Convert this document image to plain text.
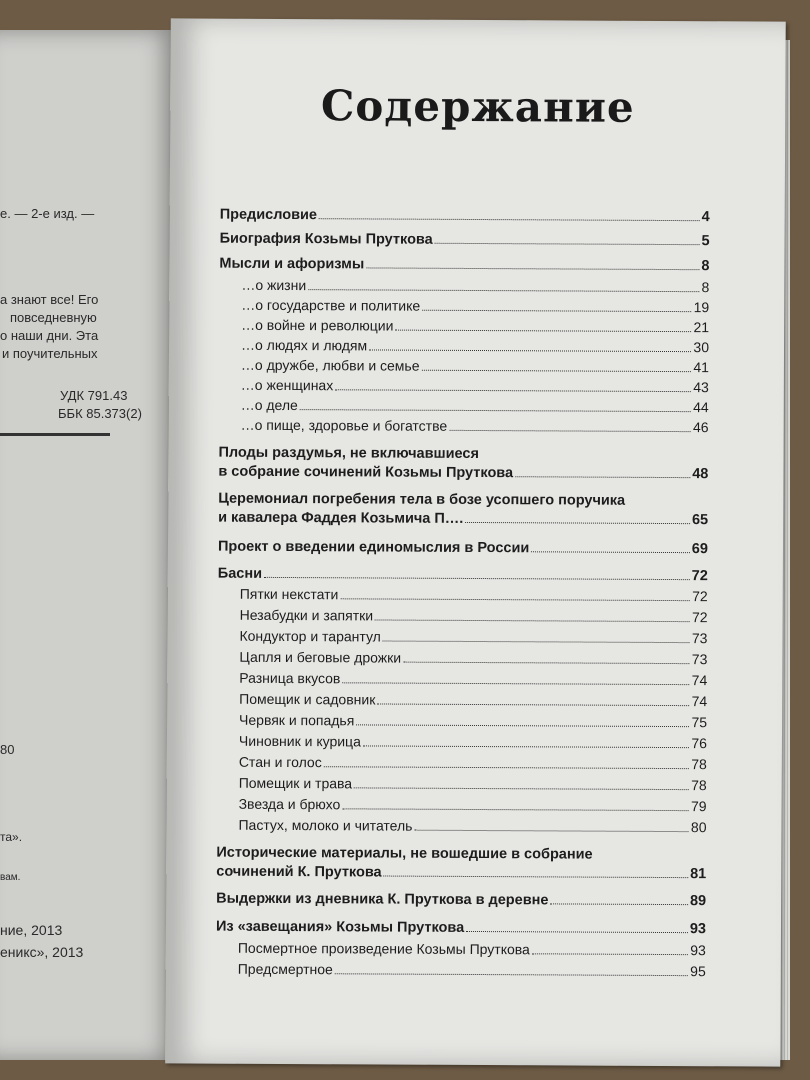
е. — 2-е изд. —
а знают все! Его
повседневную
о наши дни. Эта
и поучительных
УДК 791.43
ББК 85.373(2)
80
та».
вам.
ние, 2013
еникс», 2013
Содержание
Предисловие	4
Биография Козьмы Пруткова	5
Мысли и афоризмы	8
…о жизни	8
…о государстве и политике	19
…о войне и революции	21
…о людях и людям	30
…о дружбе, любви и семье	41
…о женщинах	43
…о деле	44
…о пище, здоровье и богатстве	46
Плоды раздумья, не включавшиеся
в собрание сочинений Козьмы Пруткова	48
Церемониал погребения тела в бозе усопшего поручика
и кавалера Фаддея Козьмича П….	65
Проект о введении единомыслия в России	69
Басни	72
Пятки некстати	72
Незабудки и запятки	72
Кондуктор и тарантул	73
Цапля и беговые дрожки	73
Разница вкусов	74
Помещик и садовник	74
Червяк и попадья	75
Чиновник и курица	76
Стан и голос	78
Помещик и трава	78
Звезда и брюхо	79
Пастух, молоко и читатель	80
Исторические материалы, не вошедшие в собрание
сочинений К. Пруткова	81
Выдержки из дневника К. Пруткова в деревне	89
Из «завещания» Козьмы Пруткова	93
Посмертное произведение Козьмы Пруткова	93
Предсмертное	95
